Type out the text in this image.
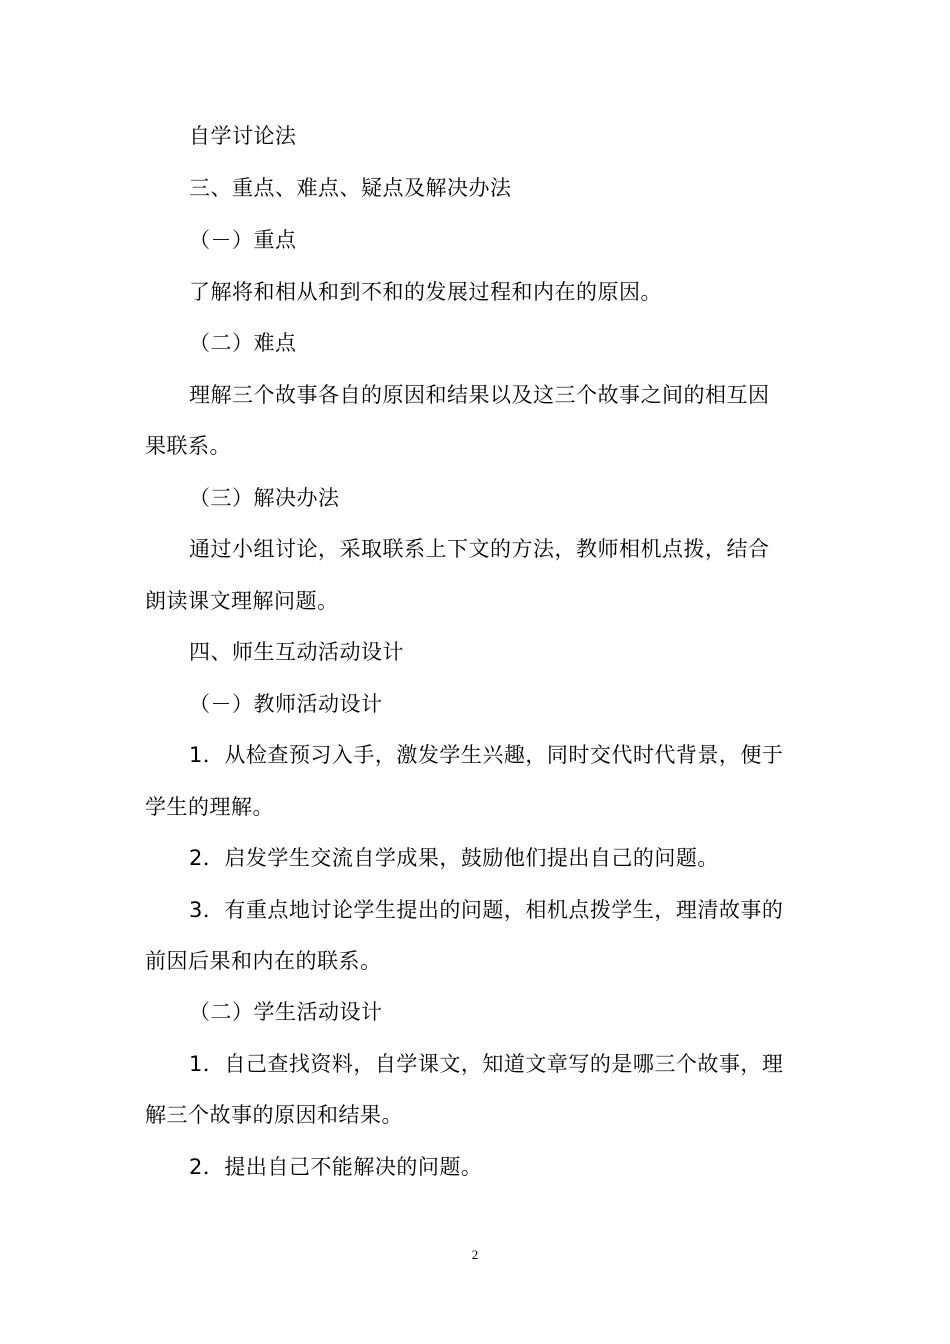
自学讨论法
三、重点、难点、疑点及解决办法
（－）重点
了解将和相从和到不和的发展过程和内在的原因。
（二）难点
理解三个故事各自的原因和结果以及这三个故事之间的相互因
果联系。
（三）解决办法
通过小组讨论，采取联系上下文的方法，教师相机点拨，结合
朗读课文理解问题。
四、师生互动活动设计
（－）教师活动设计
1．从检查预习入手，激发学生兴趣，同时交代时代背景，便于
学生的理解。
2．启发学生交流自学成果，鼓励他们提出自己的问题。
3．有重点地讨论学生提出的问题，相机点拨学生，理清故事的
前因后果和内在的联系。
（二）学生活动设计
1．自己查找资料，自学课文，知道文章写的是哪三个故事，理
解三个故事的原因和结果。
2．提出自己不能解决的问题。
2
